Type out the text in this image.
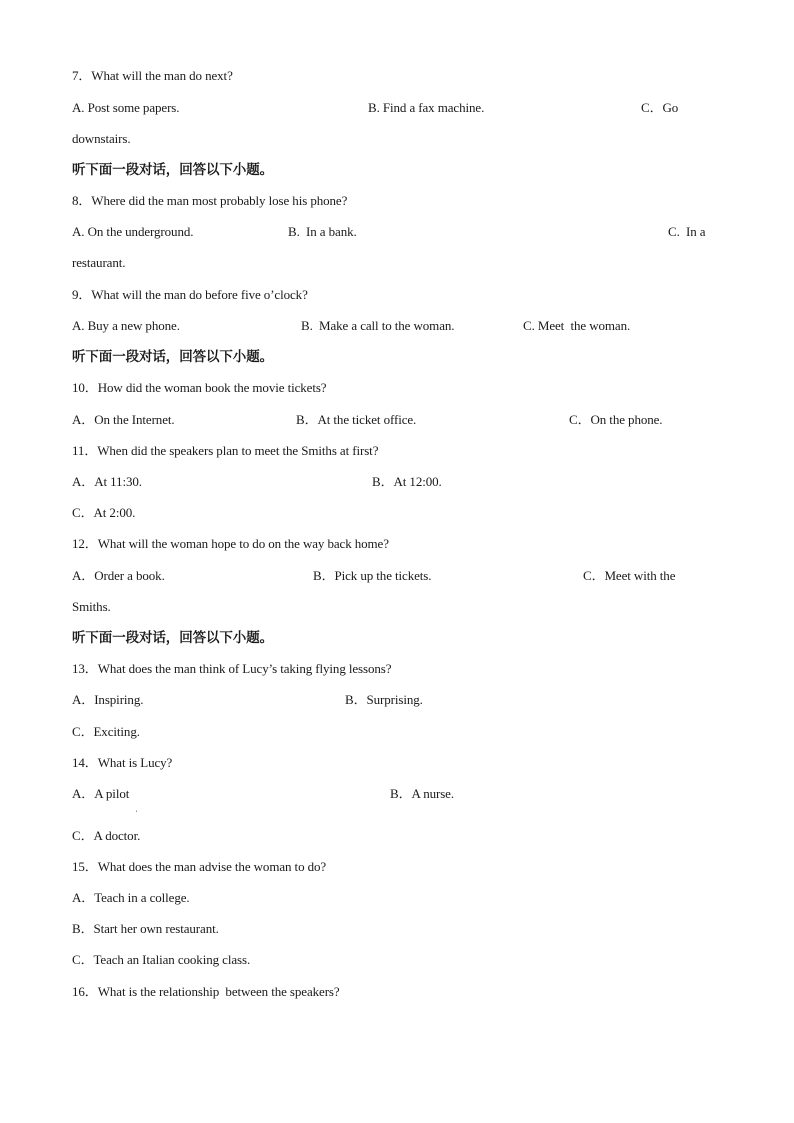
7．What will the man do next?
A. Post some papers.	B. Find a fax machine.	C．Go
downstairs.
听下面一段对话，回答以下小题。
8．Where did the man most probably lose his phone?
A. On the underground.	B.  In a bank.	C.  In a
restaurant.
9．What will the man do before five o’clock?
A. Buy a new phone.	B.  Make a call to the woman.	C. Meet  the woman.
听下面一段对话，回答以下小题。
10．How did the woman book the movie tickets?
A．On the Internet.	B．At the ticket office.	C．On the phone.
11．When did the speakers plan to meet the Smiths at first?
A．At 11:30.	B．At 12:00.
C．At 2:00.
12．What will the woman hope to do on the way back home?
A．Order a book.	B．Pick up the tickets.	C．Meet with the
Smiths.
听下面一段对话，回答以下小题。
13．What does the man think of Lucy’s taking flying lessons?
A．Inspiring.	B．Surprising.
C．Exciting.
14．What is Lucy?
A．A pilot
ˌ
B．A nurse.
C．A doctor.
15．What does the man advise the woman to do?
A．Teach in a college.
B．Start her own restaurant.
C．Teach an Italian cooking class.
16．What is the relationship  between the speakers?
